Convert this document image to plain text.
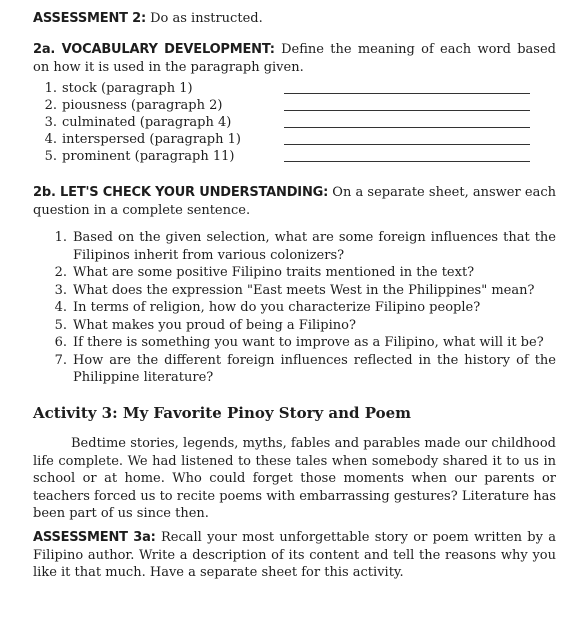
ASSESSMENT 2: Do as instructed.
2a. VOCABULARY DEVELOPMENT: Define the meaning of each word based on how it is used in the paragraph given.
1. stock (paragraph 1)
2. piousness (paragraph 2)
3. culminated (paragraph 4)
4. interspersed (paragraph 1)
5. prominent (paragraph 11)
2b. LET'S CHECK YOUR UNDERSTANDING: On a separate sheet, answer each question in a complete sentence.
1. Based on the given selection, what are some foreign influences that the Filipinos inherit from various colonizers?
2. What are some positive Filipino traits mentioned in the text?
3. What does the expression "East meets West in the Philippines" mean?
4. In terms of religion, how do you characterize Filipino people?
5. What makes you proud of being a Filipino?
6. If there is something you want to improve as a Filipino, what will it be?
7. How are the different foreign influences reflected in the history of the Philippine literature?
Activity 3: My Favorite Pinoy Story and Poem
Bedtime stories, legends, myths, fables and parables made our childhood life complete. We had listened to these tales when somebody shared it to us in school or at home. Who could forget those moments when our parents or teachers forced us to recite poems with embarrassing gestures? Literature has been part of us since then.
ASSESSMENT 3a: Recall your most unforgettable story or poem written by a Filipino author. Write a description of its content and tell the reasons why you like it that much. Have a separate sheet for this activity.
